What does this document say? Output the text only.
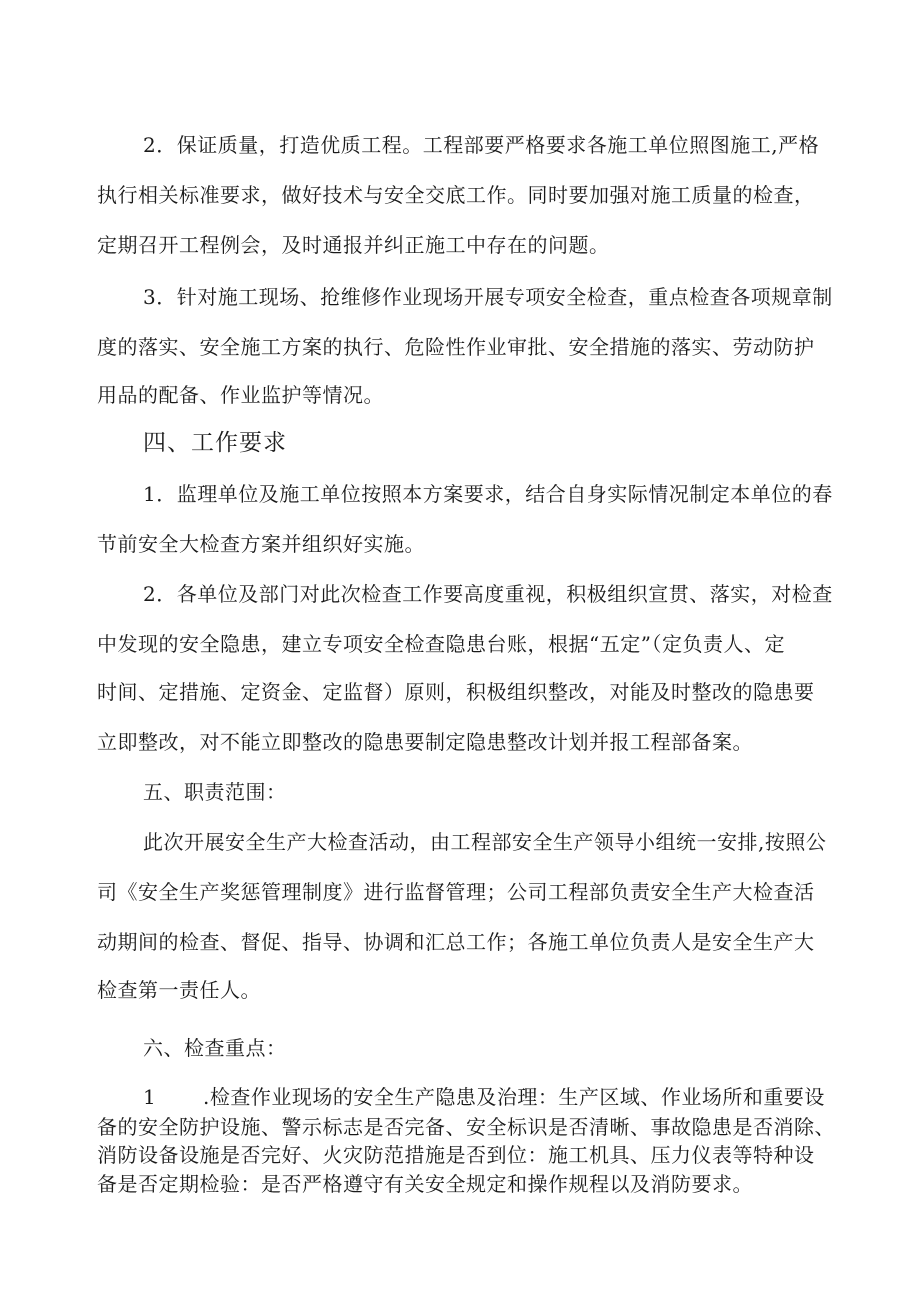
2．保证质量，打造优质工程。工程部要严格要求各施工单位照图施工,严格
执行相关标准要求，做好技术与安全交底工作。同时要加强对施工质量的检查，
定期召开工程例会，及时通报并纠正施工中存在的问题。
3．针对施工现场、抢维修作业现场开展专项安全检查，重点检查各项规章制
度的落实、安全施工方案的执行、危险性作业审批、安全措施的落实、劳动防护
用品的配备、作业监护等情况。
四、工作要求
1．监理单位及施工单位按照本方案要求，结合自身实际情况制定本单位的春
节前安全大检查方案并组织好实施。
2．各单位及部门对此次检查工作要高度重视，积极组织宣贯、落实，对检查
中发现的安全隐患，建立专项安全检查隐患台账，根据“五定”（定负责人、定
时间、定措施、定资金、定监督）原则，积极组织整改，对能及时整改的隐患要
立即整改，对不能立即整改的隐患要制定隐患整改计划并报工程部备案。
五、职责范围：
此次开展安全生产大检查活动，由工程部安全生产领导小组统一安排,按照公
司《安全生产奖惩管理制度》进行监督管理；公司工程部负责安全生产大检查活
动期间的检查、督促、指导、协调和汇总工作；各施工单位负责人是安全生产大
检查第一责任人。
六、检查重点：
1 .检查作业现场的安全生产隐患及治理：生产区域、作业场所和重要设
备的安全防护设施、警示标志是否完备、安全标识是否清晰、事故隐患是否消除、
消防设备设施是否完好、火灾防范措施是否到位：施工机具、压力仪表等特种设
备是否定期检验：是否严格遵守有关安全规定和操作规程以及消防要求。
